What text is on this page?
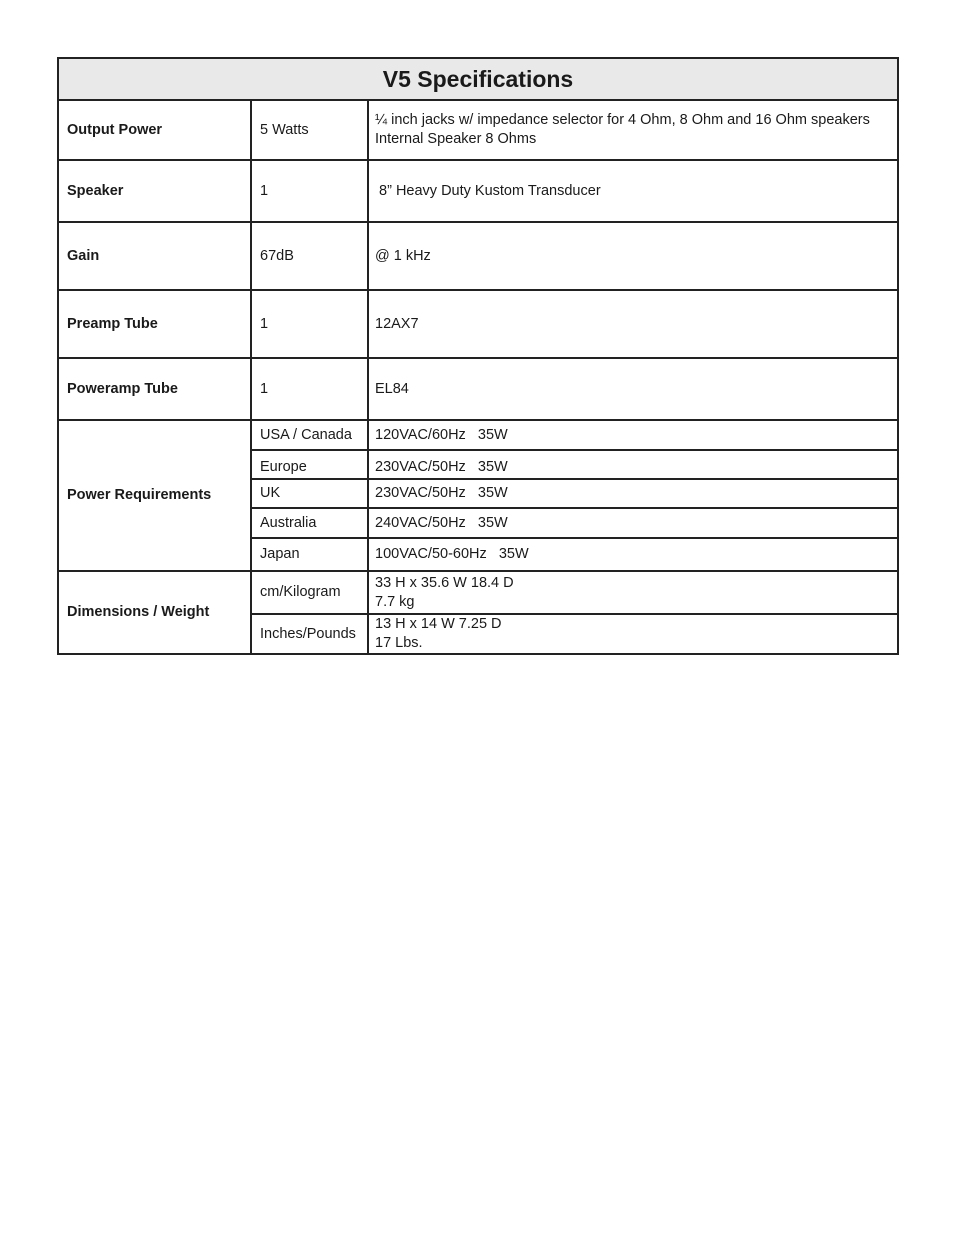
V5 Specifications		
Output Power	5 Watts	¼ inch jacks w/ impedance selector for 4 Ohm, 8 Ohm and 16 Ohm speakers
Internal Speaker 8 Ohms

Speaker	1	8” Heavy Duty Kustom Transducer
Gain	67dB	@ 1 kHz
Preamp Tube	1	12AX7
Poweramp Tube	1	EL84
Power Requirements	USA / Canada	120VAC/60Hz   35W
	Europe	230VAC/50Hz   35W
	UK	230VAC/50Hz   35W
	Australia	240VAC/50Hz   35W
	Japan	100VAC/50-60Hz   35W
Dimensions / Weight	cm/Kilogram	33 H x 35.6 W 18.4 D
7.7 kg

	Inches/Pounds	13 H x 14 W 7.25 D
17 Lbs.
